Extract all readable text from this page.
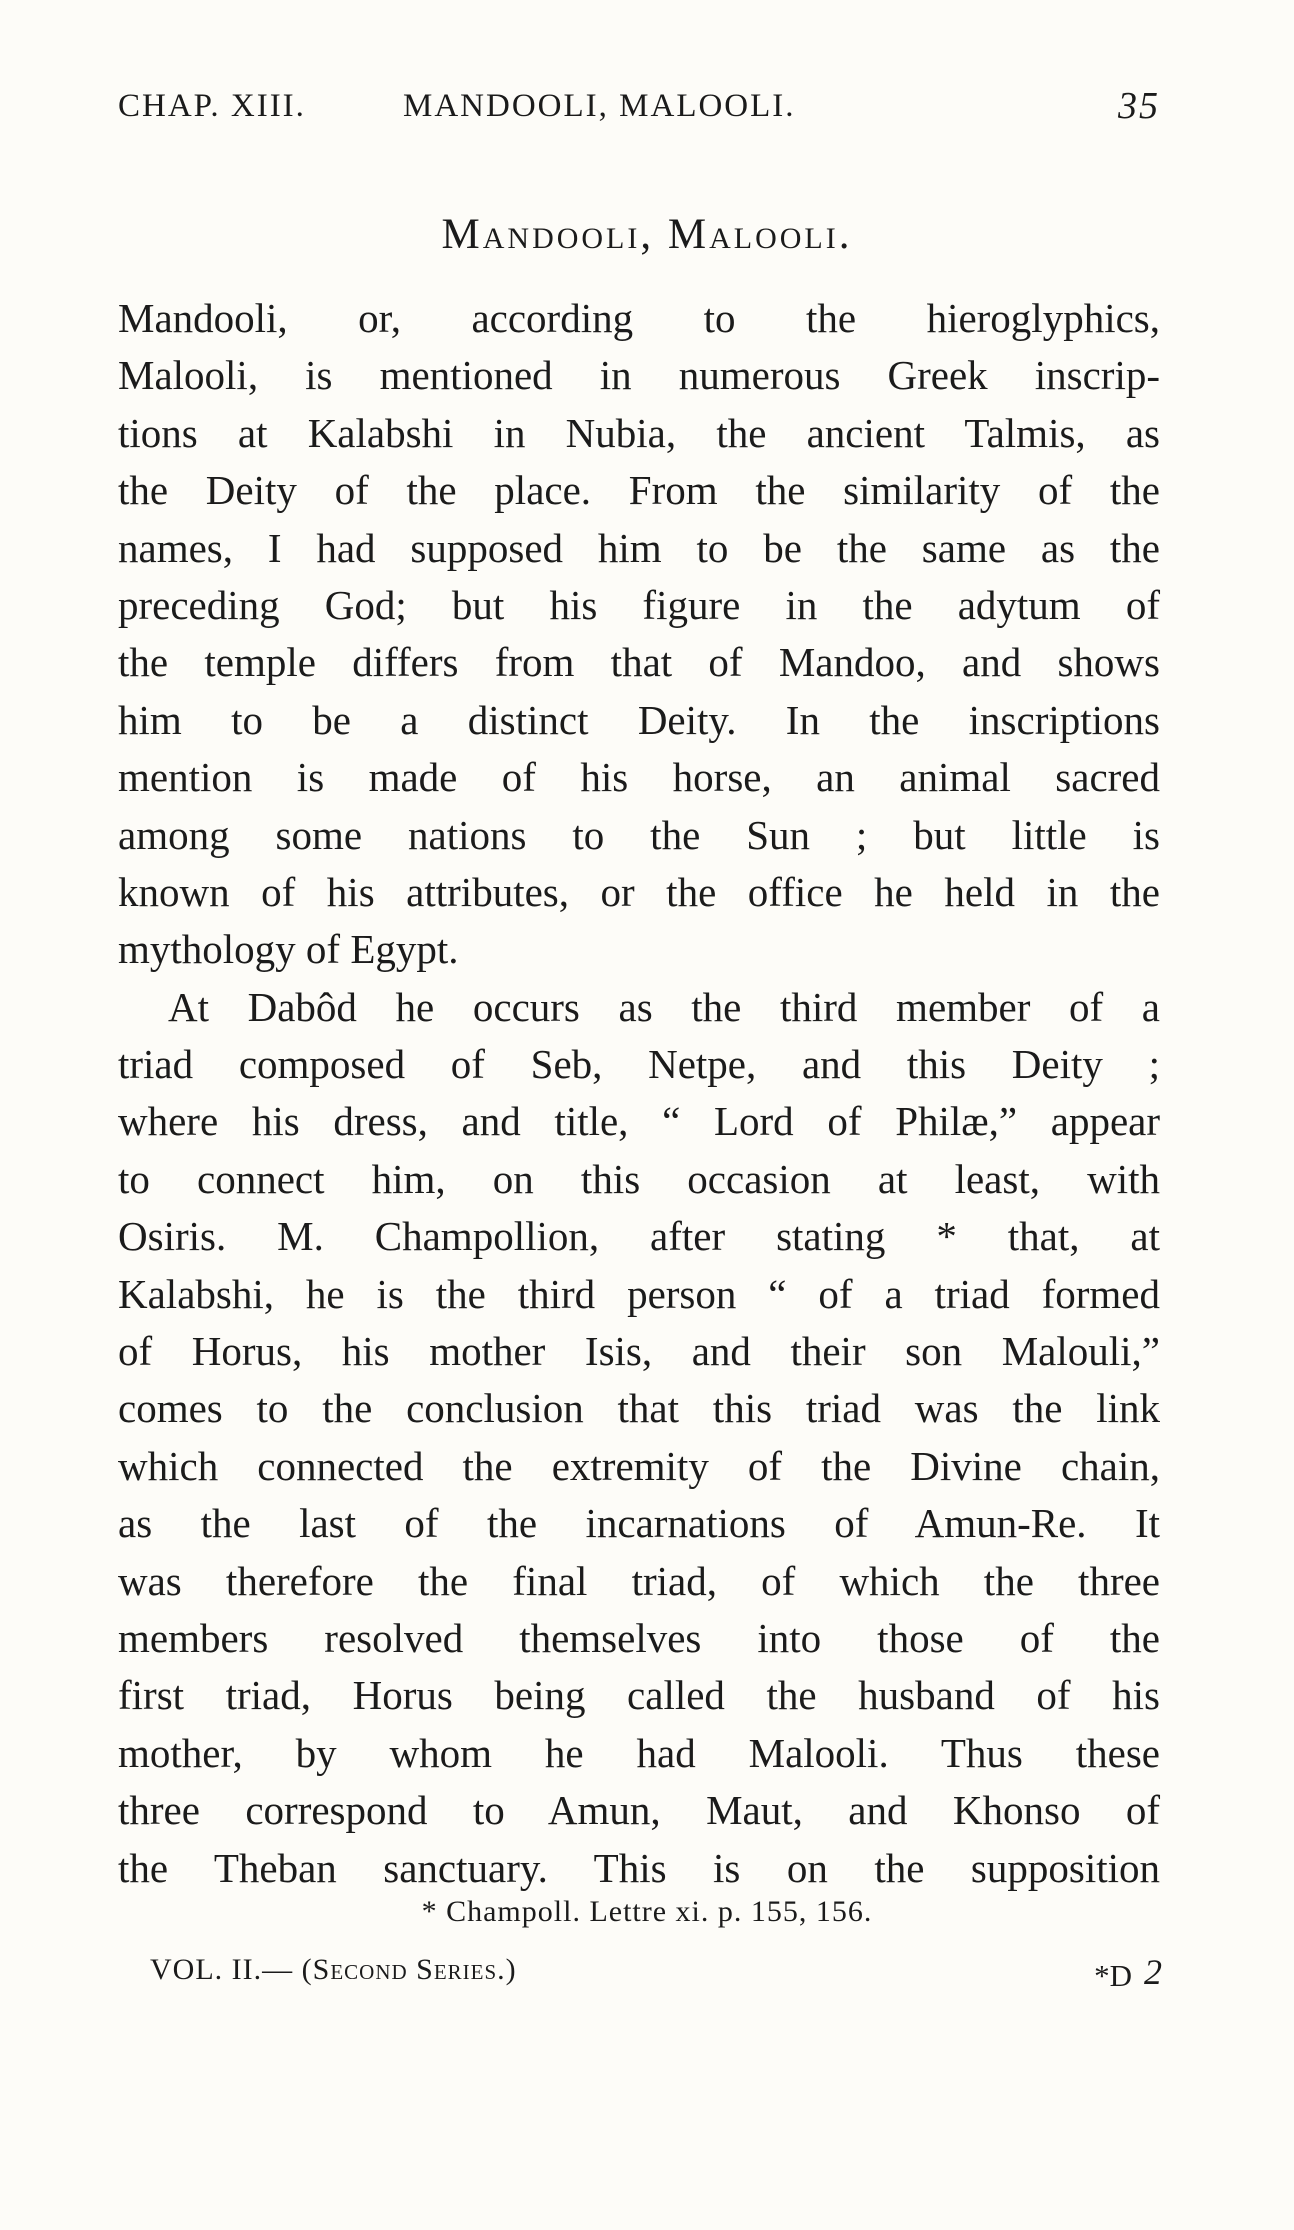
CHAP. XIII.	MANDOOLI, MALOOLI.	35
Mandooli, Malooli.
Mandooli, or, according to the hieroglyphics,
Malooli, is mentioned in numerous Greek inscrip-
tions at Kalabshi in Nubia, the ancient Talmis, as
the Deity of the place. From the similarity of the
names, I had supposed him to be the same as the
preceding God; but his figure in the adytum of
the temple differs from that of Mandoo, and shows
him to be a distinct Deity. In the inscriptions
mention is made of his horse, an animal sacred
among some nations to the Sun ; but little is
known of his attributes, or the office he held in the
mythology of Egypt.
At Dabôd he occurs as the third member of a
triad composed of Seb, Netpe, and this Deity ;
where his dress, and title, “ Lord of Philæ,” appear
to connect him, on this occasion at least, with
Osiris. M. Champollion, after stating * that, at
Kalabshi, he is the third person “ of a triad formed
of Horus, his mother Isis, and their son Malouli,”
comes to the conclusion that this triad was the link
which connected the extremity of the Divine chain,
as the last of the incarnations of Amun-Re. It
was therefore the final triad, of which the three
members resolved themselves into those of the
first triad, Horus being called the husband of his
mother, by whom he had Malooli. Thus these
three correspond to Amun, Maut, and Khonso of
the Theban sanctuary. This is on the supposition
* Champoll. Lettre xi. p. 155, 156.
VOL. II.— (Second Series.)	*D 2
